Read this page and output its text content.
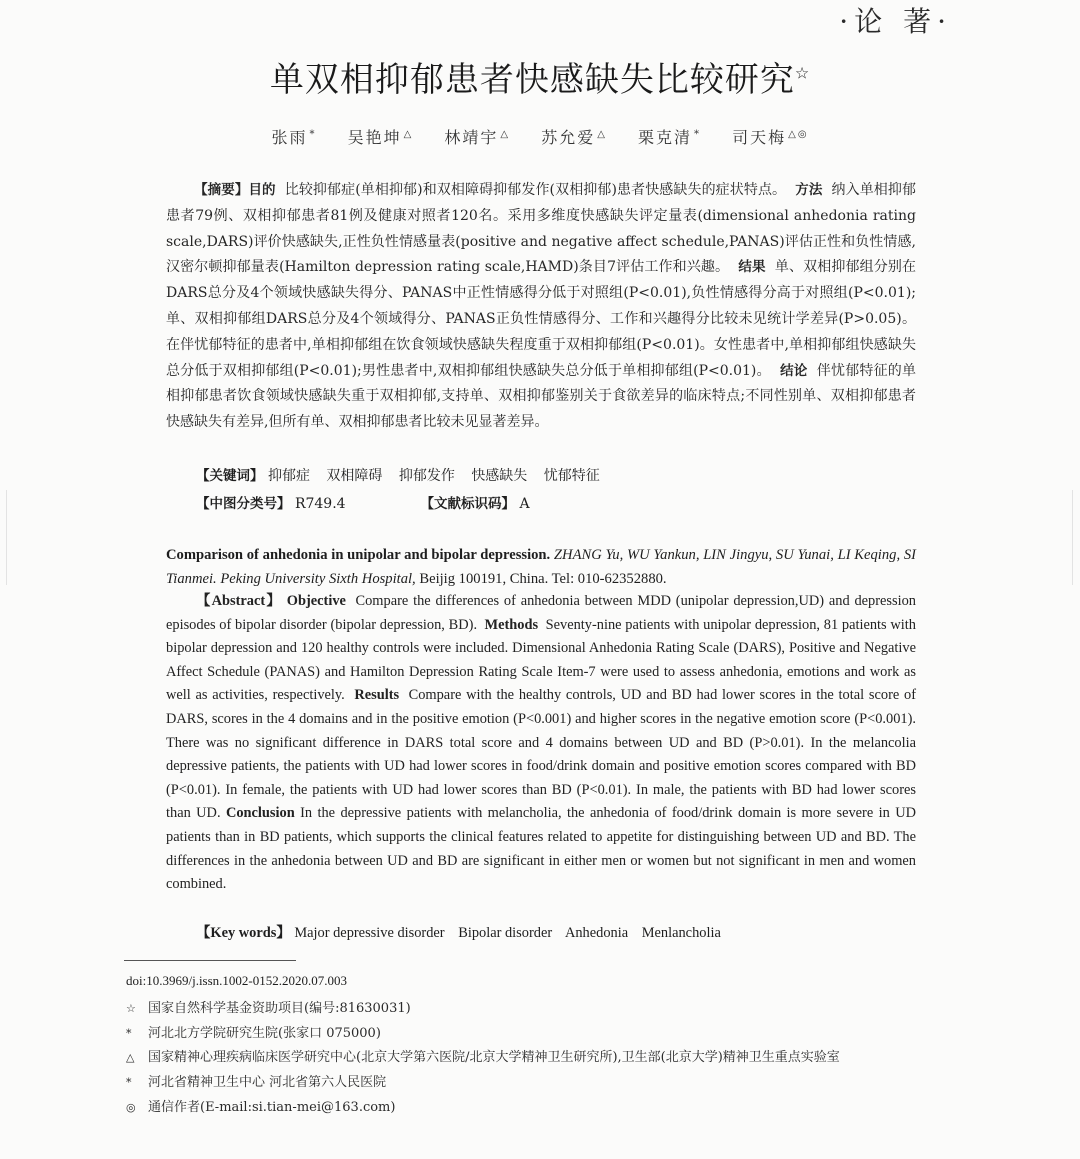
·论 著·
单双相抑郁患者快感缺失比较研究☆
张雨 * 吴艳坤 △ 林靖宇 △ 苏允爱 △ 栗克清 * 司天梅 △◎
  【摘要】目的 比较抑郁症(单相抑郁)和双相障碍抑郁发作(双相抑郁)患者快感缺失的症状特点。 方法 纳入单相抑郁患者79例、双相抑郁患者81例及健康对照者120名。采用多维度快感缺失评定量表(dimensional anhedonia rating scale,DARS)评价快感缺失,正性负性情感量表(positive and negative affect schedule,PANAS)评估正性和负性情感,汉密尔顿抑郁量表(Hamilton depression rating scale,HAMD)条目7评估工作和兴趣。 结果 单、双相抑郁组分别在DARS总分及4个领域快感缺失得分、PANAS中正性情感得分低于对照组(P<0.01),负性情感得分高于对照组(P<0.01);单、双相抑郁组DARS总分及4个领域得分、PANAS正负性情感得分、工作和兴趣得分比较未见统计学差异(P>0.05)。在伴忧郁特征的患者中,单相抑郁组在饮食领域快感缺失程度重于双相抑郁组(P<0.01)。女性患者中,单相抑郁组快感缺失总分低于双相抑郁组(P<0.01);男性患者中,双相抑郁组快感缺失总分低于单相抑郁组(P<0.01)。 结论 伴忧郁特征的单相抑郁患者饮食领域快感缺失重于双相抑郁,支持单、双相抑郁鉴别关于食欲差异的临床特点;不同性别单、双相抑郁患者快感缺失有差异,但所有单、双相抑郁患者比较未见显著差异。
【关键词】 抑郁症 双相障碍 抑郁发作 快感缺失 忧郁特征
【中图分类号】 R749.4	【文献标识码】 A
Comparison of anhedonia in unipolar and bipolar depression. ZHANG Yu, WU Yankun, LIN Jingyu, SU Yunai, LI Keqing, SI Tianmei. Peking University Sixth Hospital, Beijig 100191, China. Tel: 010-62352880.
  【Abstract】 Objective Compare the differences of anhedonia between MDD (unipolar depression,UD) and depression episodes of bipolar disorder (bipolar depression, BD). Methods Seventy-nine patients with unipolar depression, 81 patients with bipolar depression and 120 healthy controls were included. Dimensional Anhedonia Rating Scale (DARS), Positive and Negative Affect Schedule (PANAS) and Hamilton Depression Rating Scale Item-7 were used to assess anhedonia, emotions and work as well as activities, respectively. Results Compare with the healthy controls, UD and BD had lower scores in the total score of DARS, scores in the 4 domains and in the positive emotion (P<0.001) and higher scores in the negative emotion score (P<0.001). There was no significant difference in DARS total score and 4 domains between UD and BD (P>0.01). In the melancolia depressive patients, the patients with UD had lower scores in food/drink domain and positive emotion scores compared with BD (P<0.01). In female, the patients with UD had lower scores than BD (P<0.01). In male, the patients with BD had lower scores than UD. Conclusion In the depressive patients with melancholia, the anhedonia of food/drink domain is more severe in UD patients than in BD patients, which supports the clinical features related to appetite for distinguishing between UD and BD. The differences in the anhedonia between UD and BD are significant in either men or women but not significant in men and women combined.
【Key words】 Major depressive disorder Bipolar disorder Anhedonia Menlancholia
doi:10.3969/j.issn.1002-0152.2020.07.003
☆ 国家自然科学基金资助项目(编号:81630031)
* 河北北方学院研究生院(张家口 075000)
△ 国家精神心理疾病临床医学研究中心(北京大学第六医院/北京大学精神卫生研究所),卫生部(北京大学)精神卫生重点实验室
* 河北省精神卫生中心 河北省第六人民医院
◎ 通信作者(E-mail:si.tian-mei@163.com)
